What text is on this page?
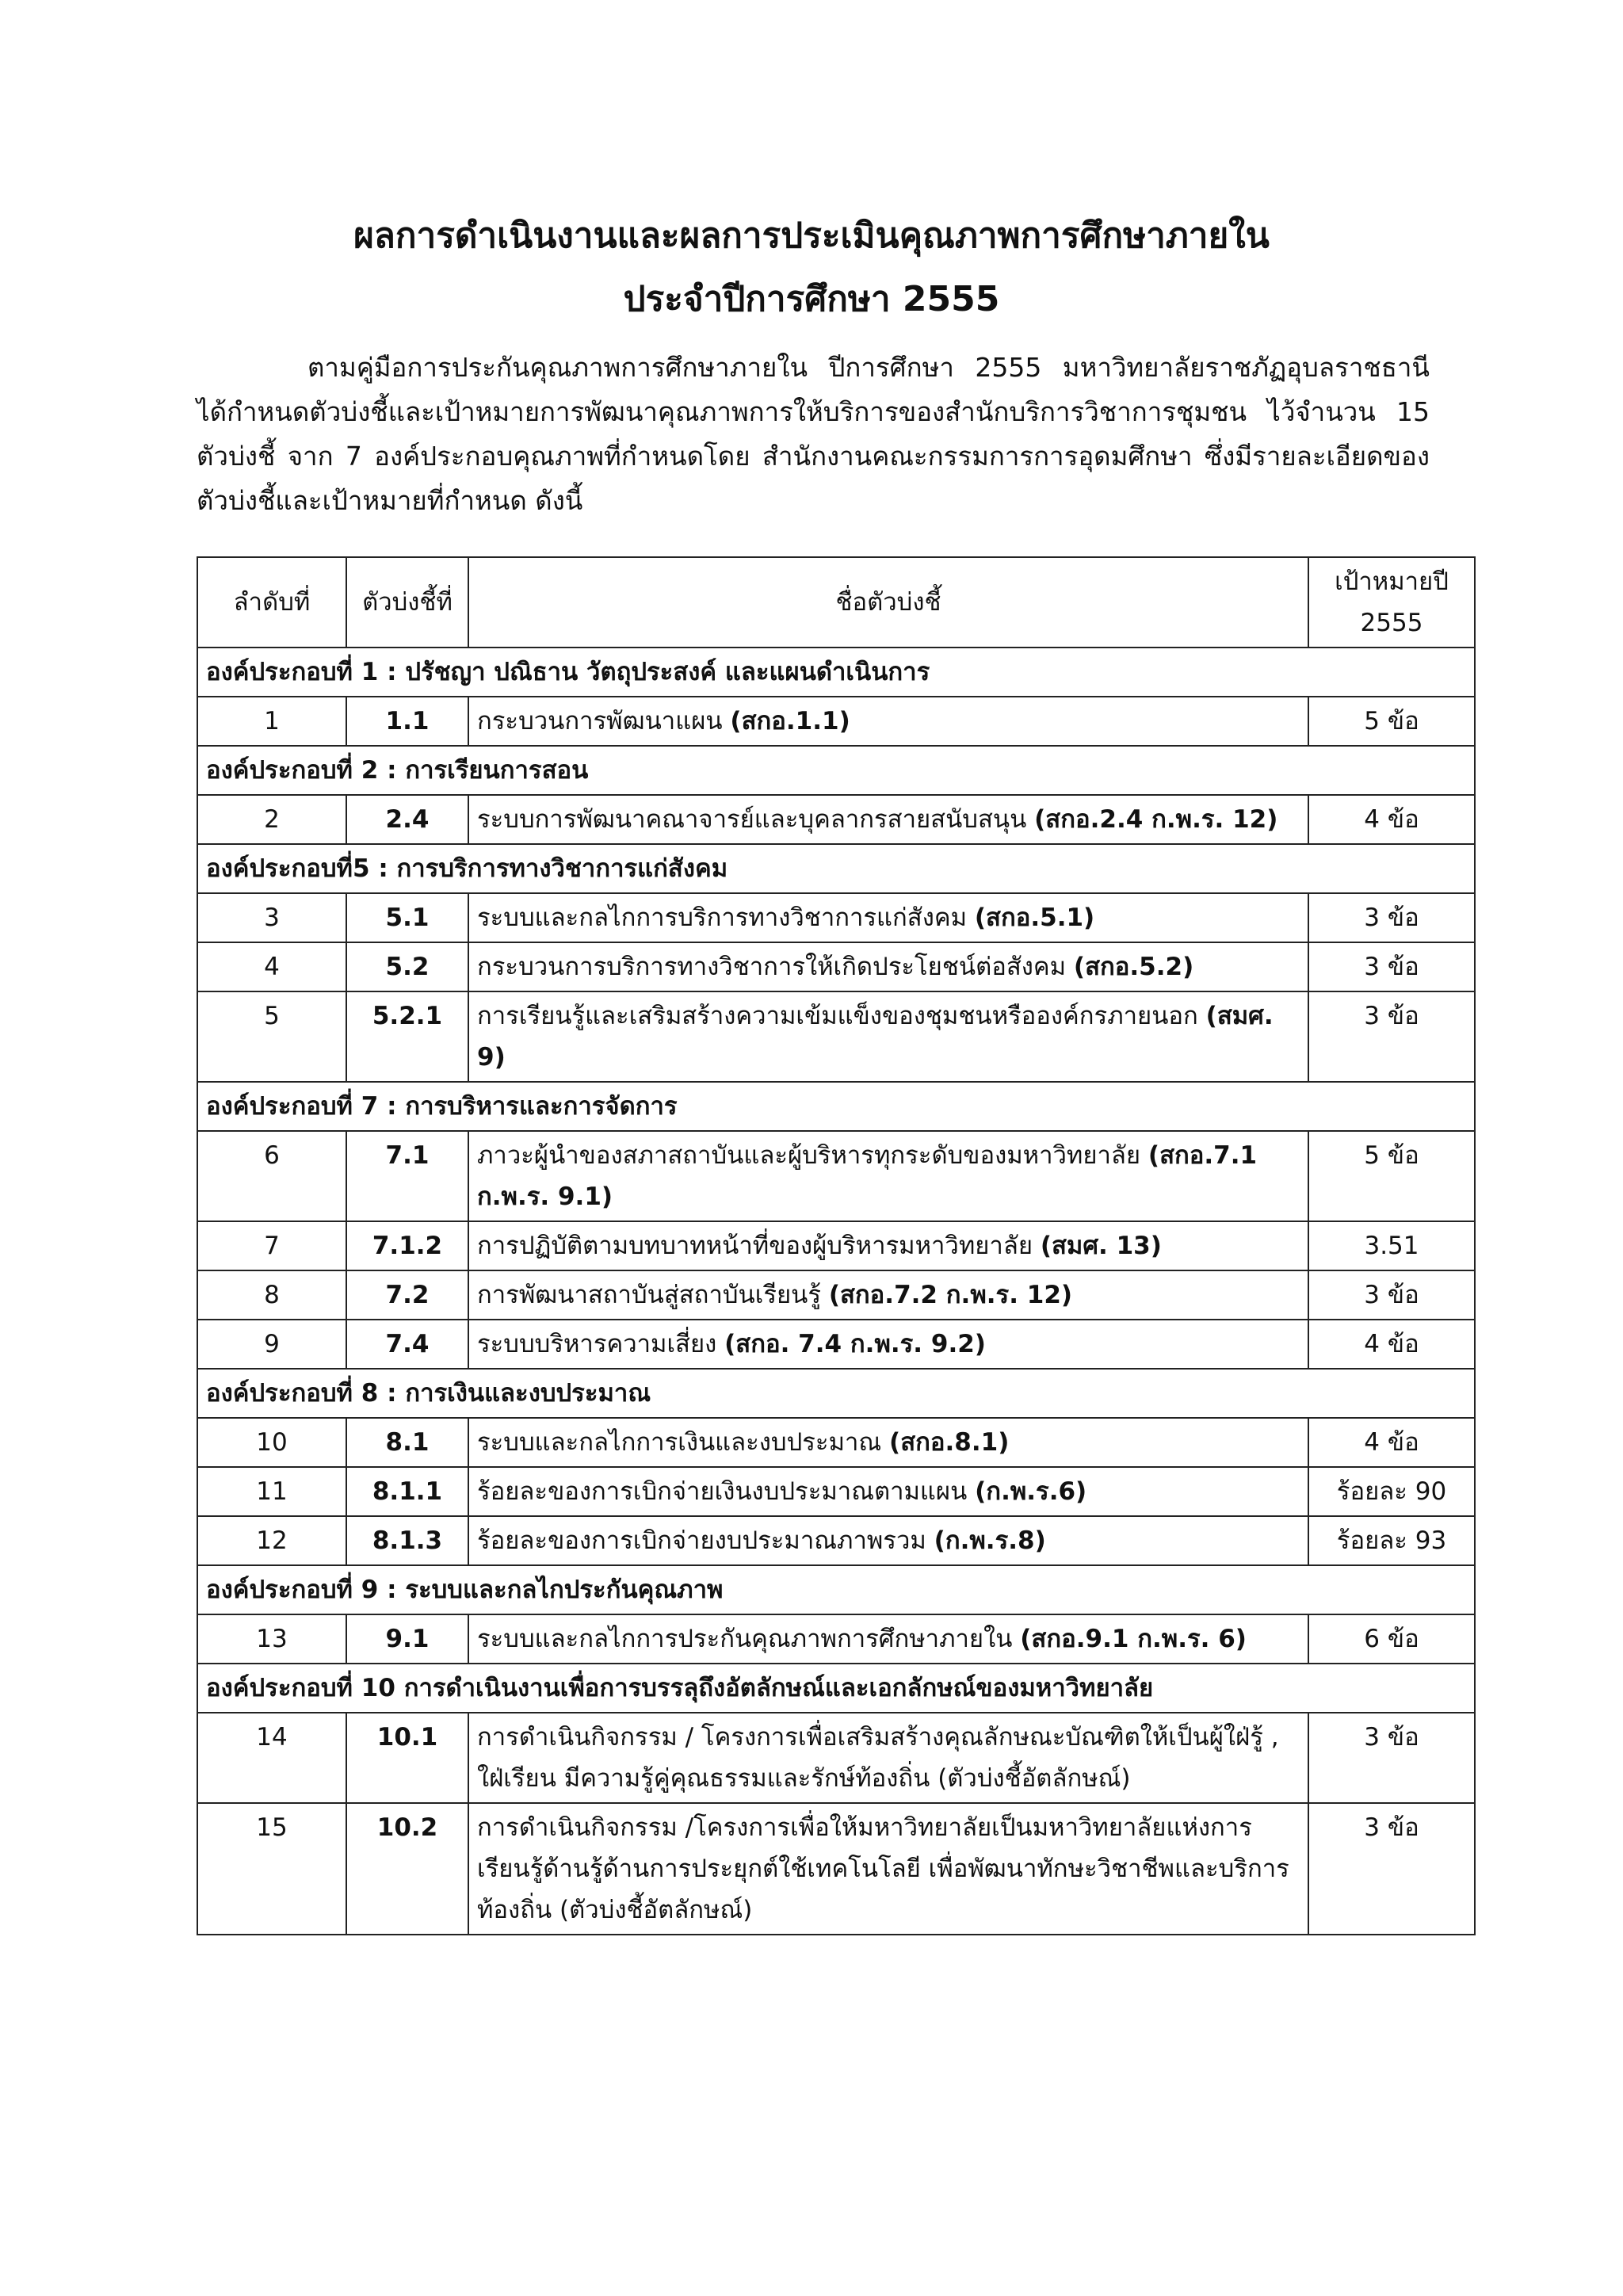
ผลการดำเนินงานและผลการประเมินคุณภาพการศึกษาภายใน
ประจำปีการศึกษา 2555

ตามคู่มือการประกันคุณภาพการศึกษาภายใน ปีการศึกษา 2555 มหาวิทยาลัยราชภัฏอุบลราชธานี ได้กำหนดตัวบ่งชี้และเป้าหมายการพัฒนาคุณภาพการให้บริการของสำนักบริการวิชาการชุมชน ไว้จำนวน 15 ตัวบ่งชี้ จาก 7 องค์ประกอบคุณภาพที่กำหนดโดย สำนักงานคณะกรรมการการอุดมศึกษา ซึ่งมีรายละเอียดของตัวบ่งชี้และเป้าหมายที่กำหนด ดังนี้

ลำดับที่	ตัวบ่งชี้ที่	ชื่อตัวบ่งชี้	เป้าหมายปี 2555
องค์ประกอบที่ 1 : ปรัชญา ปณิธาน วัตถุประสงค์ และแผนดำเนินการ			
1	1.1	กระบวนการพัฒนาแผน (สกอ.1.1)	5 ข้อ
องค์ประกอบที่ 2 : การเรียนการสอน			
2	2.4	ระบบการพัฒนาคณาจารย์และบุคลากรสายสนับสนุน (สกอ.2.4 ก.พ.ร. 12)	4 ข้อ
องค์ประกอบที่5 : การบริการทางวิชาการแก่สังคม			
3	5.1	ระบบและกลไกการบริการทางวิชาการแก่สังคม (สกอ.5.1)	3 ข้อ
4	5.2	กระบวนการบริการทางวิชาการให้เกิดประโยชน์ต่อสังคม (สกอ.5.2)	3 ข้อ
5	5.2.1	การเรียนรู้และเสริมสร้างความเข้มแข็งของชุมชนหรือองค์กรภายนอก (สมศ. 9)	3 ข้อ
องค์ประกอบที่ 7 : การบริหารและการจัดการ			
6	7.1	ภาวะผู้นำของสภาสถาบันและผู้บริหารทุกระดับของมหาวิทยาลัย (สกอ.7.1 ก.พ.ร. 9.1)	5 ข้อ
7	7.1.2	การปฏิบัติตามบทบาทหน้าที่ของผู้บริหารมหาวิทยาลัย (สมศ. 13)	3.51
8	7.2	การพัฒนาสถาบันสู่สถาบันเรียนรู้ (สกอ.7.2 ก.พ.ร. 12)	3 ข้อ
9	7.4	ระบบบริหารความเสี่ยง (สกอ. 7.4 ก.พ.ร. 9.2)	4 ข้อ
องค์ประกอบที่ 8 : การเงินและงบประมาณ			
10	8.1	ระบบและกลไกการเงินและงบประมาณ (สกอ.8.1)	4 ข้อ
11	8.1.1	ร้อยละของการเบิกจ่ายเงินงบประมาณตามแผน (ก.พ.ร.6)	ร้อยละ 90
12	8.1.3	ร้อยละของการเบิกจ่ายงบประมาณภาพรวม (ก.พ.ร.8)	ร้อยละ 93
องค์ประกอบที่ 9 : ระบบและกลไกประกันคุณภาพ			
13	9.1	ระบบและกลไกการประกันคุณภาพการศึกษาภายใน (สกอ.9.1 ก.พ.ร. 6)	6 ข้อ
องค์ประกอบที่ 10 การดำเนินงานเพื่อการบรรลุถึงอัตลักษณ์และเอกลักษณ์ของมหาวิทยาลัย			
14	10.1	การดำเนินกิจกรรม / โครงการเพื่อเสริมสร้างคุณลักษณะบัณฑิตให้เป็นผู้ใฝ่รู้ , ใฝ่เรียน มีความรู้คู่คุณธรรมและรักษ์ท้องถิ่น (ตัวบ่งชี้อัตลักษณ์)	3 ข้อ
15	10.2	การดำเนินกิจกรรม /โครงการเพื่อให้มหาวิทยาลัยเป็นมหาวิทยาลัยแห่งการเรียนรู้ด้านรู้ด้านการประยุกต์ใช้เทคโนโลยี เพื่อพัฒนาทักษะวิชาชีพและบริการท้องถิ่น (ตัวบ่งชี้อัตลักษณ์)	3 ข้อ
